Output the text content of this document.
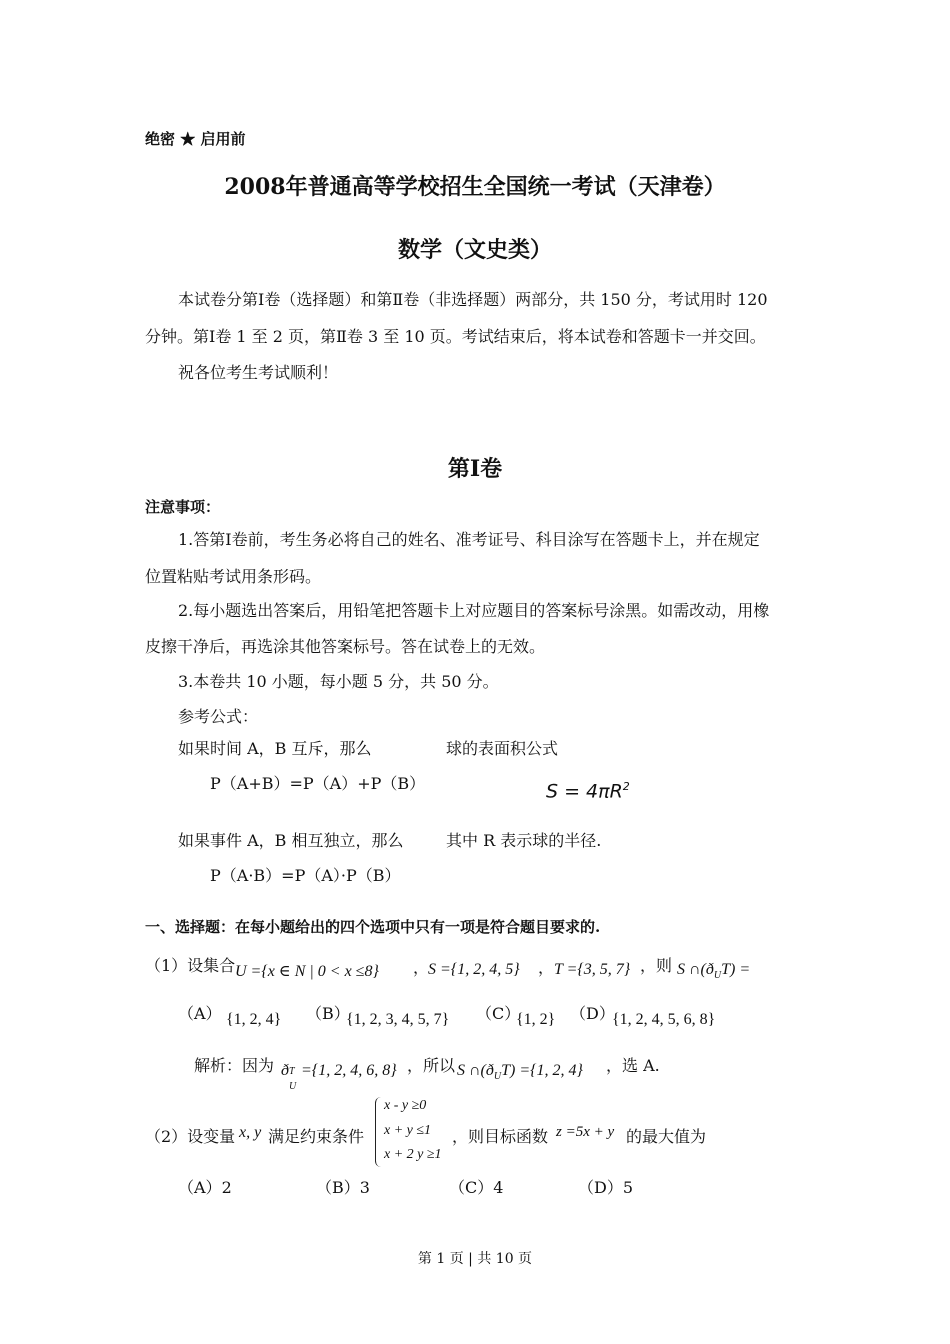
绝密 ★ 启用前
2008年普通高等学校招生全国统一考试（天津卷）
数学（文史类）
本试卷分第Ⅰ卷（选择题）和第Ⅱ卷（非选择题）两部分，共 150 分，考试用时 120
分钟。第Ⅰ卷 1 至 2 页，第Ⅱ卷 3 至 10 页。考试结束后，将本试卷和答题卡一并交回。
祝各位考生考试顺利！
第Ⅰ卷
注意事项：
1.答第Ⅰ卷前，考生务必将自己的姓名、准考证号、科目涂写在答题卡上，并在规定
位置粘贴考试用条形码。
2.每小题选出答案后，用铅笔把答题卡上对应题目的答案标号涂黑。如需改动，用橡
皮擦干净后，再选涂其他答案标号。答在试卷上的无效。
3.本卷共 10 小题，每小题 5 分，共 50 分。
参考公式：
如果时间 A，B 互斥，那么
P（A+B）=P（A）+P（B）
球的表面积公式
$S = 4\pi R^2$
如果事件 A，B 相互独立，那么
P（A·B）=P（A）·P（B）
其中 R 表示球的半径.
一、选择题：在每小题给出的四个选项中只有一项是符合题目要求的.
（1）设集合 U ={x ∈ N | 0 < x ≤8} ，
S ={1, 2, 4, 5} ， T ={3, 5, 7} ，则 S $\cap(ð_UT)$ =
（A） {1, 2, 4} （B）
{1, 2, 3, 4, 5, 7} （C）
{1, 2} （D）
{1, 2, 4, 5, 6, 8}
解析：因为 ð T
U
={1, 2, 4, 6, 8} ，所以 S $\cap(ð_UT) =\{1$, 2, 4} ，选 A.
（2）设变量 x, y 满足约束条件
x - y ≥0
x + y ≤1
x + 2 y ≥1
，则目标函数 z =5x + y 的最大值为
（A）2	（B）3	（C）4	（D）5
第 1 页 | 共 10 页
